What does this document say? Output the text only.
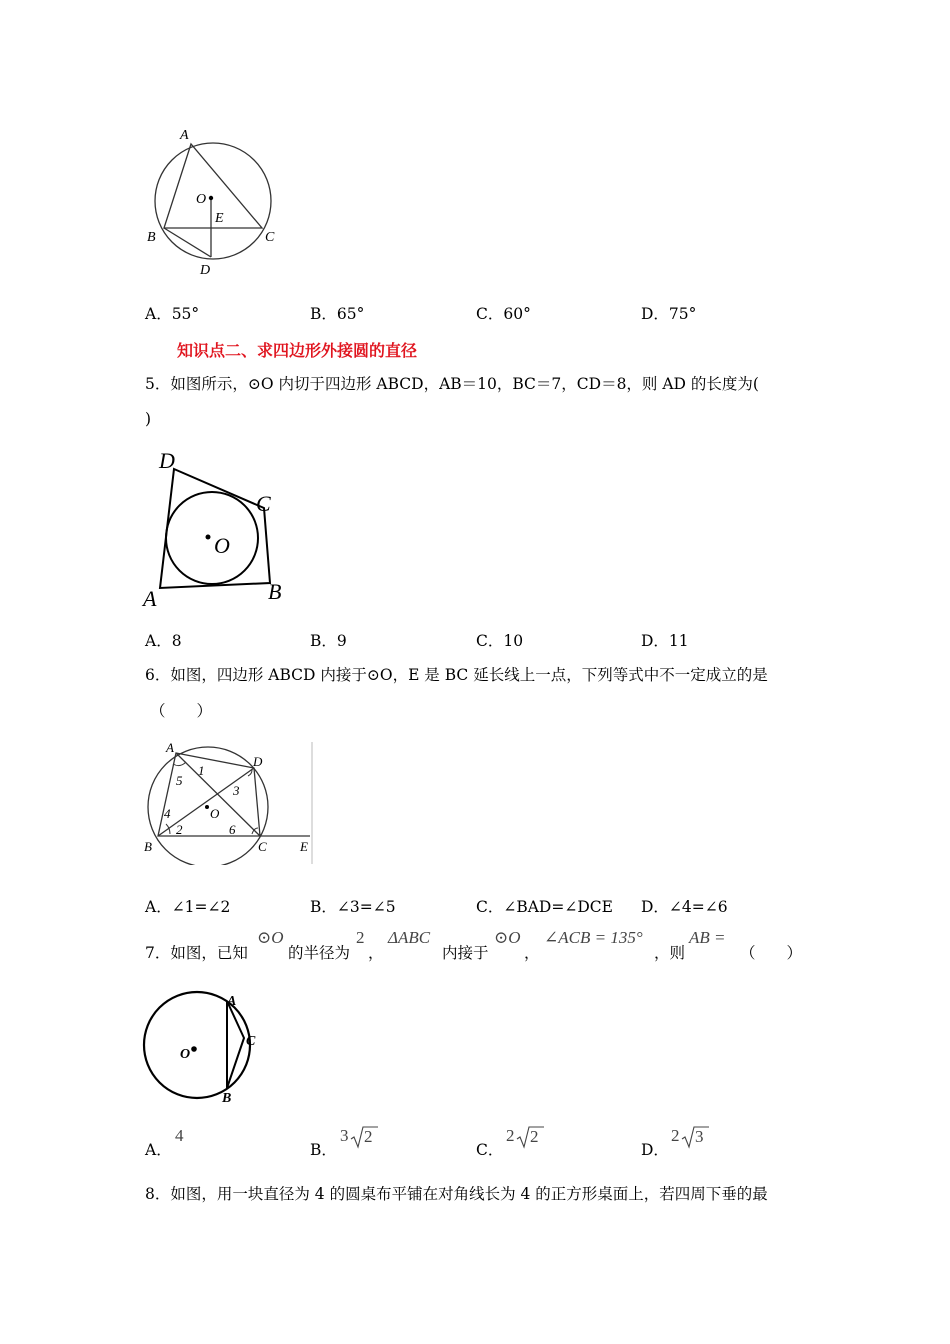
A
O
E
B	C
D
A．55°	B．65°	C．60°	D．75°
知识点二、求四边形外接圆的直径
5．如图所示，⊙O 内切于四边形 ABCD，AB＝10，BC＝7，CD＝8，则 AD 的长度为(
)
D
C
O
A	B
A．8	B．9	C．10	D．11
6．如图，四边形 ABCD 内接于⊙O，E 是 BC 延长线上一点，下列等式中不一定成立的是
（　　）
A
D
B	C	E
O
1
2
3
4
5
6
A．∠1=∠2	B．∠3=∠5	C．∠BAD=∠DCE D．∠4=∠6
7．如图，已知
⊙O
的半径为
2
，
ΔABC
内接于
⊙O
，
∠ACB = 135°
，则
AB =
（　　）
A
C
O
B
A．
4
B．
3 2
C．
2 2
D．
2 3
8．如图，用一块直径为 4 的圆桌布平铺在对角线长为 4 的正方形桌面上，若四周下垂的最
